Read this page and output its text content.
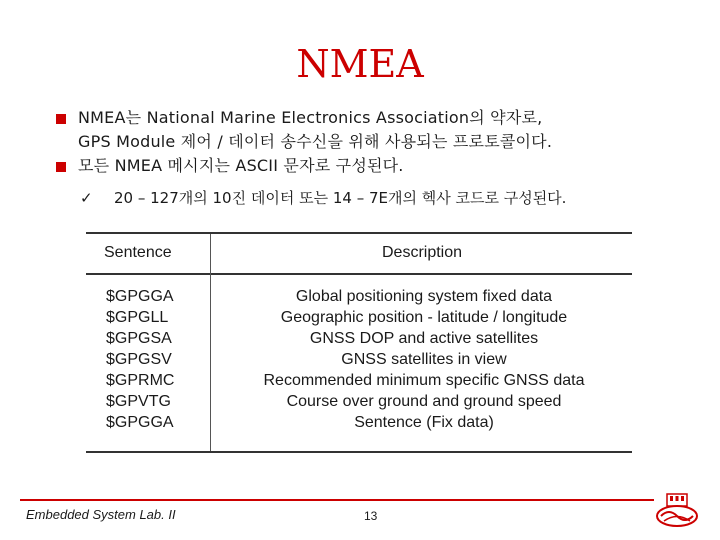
NMEA
NMEA는 National Marine Electronics Association의 약자로,
GPS Module 제어 / 데이터 송수신을 위해 사용되는 프로토콜이다.
모든 NMEA 메시지는 ASCII 문자로 구성된다.
✓ 20 – 127개의 10진 데이터 또는 14 – 7E개의 헥사 코드로 구성된다.
Sentence	Description
$GPGGA
$GPGLL
$GPGSA
$GPGSV
$GPRMC
$GPVTG
$GPGGA
Global positioning system fixed data
Geographic position - latitude / longitude
GNSS DOP and active satellites
GNSS satellites in view
Recommended minimum specific GNSS data
Course over ground and ground speed
Sentence (Fix data)
Embedded System Lab. II	13
